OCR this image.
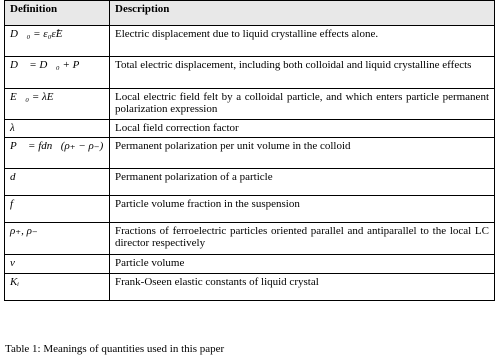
Definition	Description
D⃗₀ = ε₀ε̂E⃗	Electric displacement due to liquid crystalline effects alone.
D⃗ = D⃗₀ + P⃗	Total electric displacement, including both colloidal and liquid crystalline effects
E⃗₀ = λE⃗	Local electric field felt by a colloidal particle, and which enters particle permanent polarization expression
λ	Local field correction factor
P⃗ = fdn⃗(ρ₊ − ρ₋)	Permanent polarization per unit volume in the colloid
d	Permanent polarization of a particle
f	Particle volume fraction in the suspension
ρ₊, ρ₋	Fractions of ferroelectric particles oriented parallel and antiparallel to the local LC director respectively
v	Particle volume
Kᵢ	Frank-Oseen elastic constants of liquid crystal
Table 1: Meanings of quantities used in this paper
